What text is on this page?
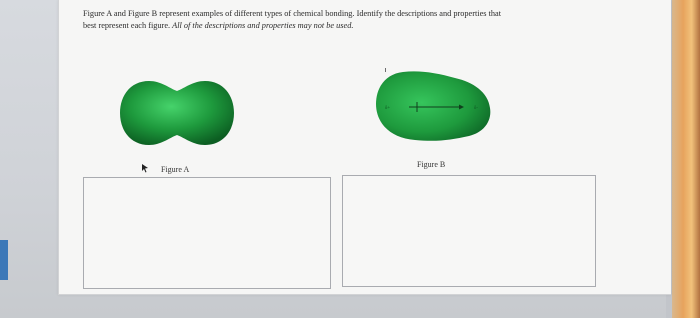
Figure A and Figure B represent examples of different types of chemical bonding. Identify the descriptions and properties that
best represent each figure. All of the descriptions and properties may not be used.
δ+	δ-
Figure A
Figure B
